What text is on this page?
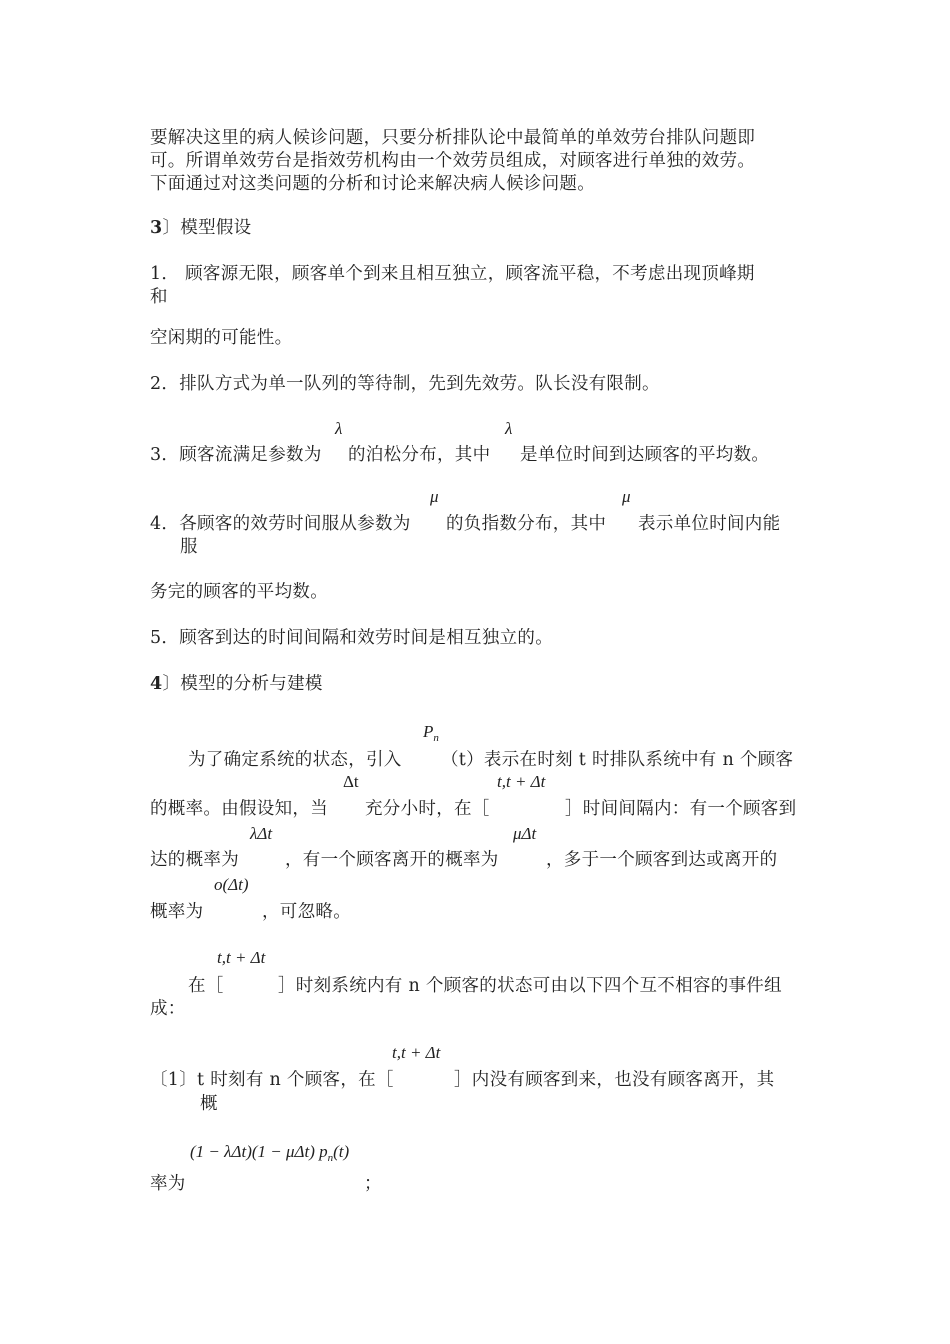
要解决这里的病人候诊问题，只要分析排队论中最简单的单效劳台排队问题即
可。所谓单效劳台是指效劳机构由一个效劳员组成，对顾客进行单独的效劳。
下面通过对这类问题的分析和讨论来解决病人候诊问题。
3〕模型假设
1． 顾客源无限，顾客单个到来且相互独立，顾客流平稳，不考虑出现顶峰期
和
空闲期的可能性。
2．排队方式为单一队列的等待制，先到先效劳。队长没有限制。
λ	λ
3．顾客流满足参数为 的泊松分布，其中 是单位时间到达顾客的平均数。
μ	μ
4．各顾客的效劳时间服从参数为 的负指数分布，其中 表示单位时间内能
服
务完的顾客的平均数。
5．顾客到达的时间间隔和效劳时间是相互独立的。
4〕模型的分析与建模
$P_n$
为了确定系统的状态，引入 （t）表示在时刻 t 时排队系统中有 n 个顾客
Δt	t,t + Δt
的概率。由假设知，当 充分小时，在［	］时间间隔内：有一个顾客到
λΔt	μΔt
达的概率为	，有一个顾客离开的概率为	，多于一个顾客到达或离开的
o(Δt)
概率为	，可忽略。
t,t + Δt
在［	］时刻系统内有 n 个顾客的状态可由以下四个互不相容的事件组
成：
t,t + Δt
〔1〕t 时刻有 n 个顾客，在［	］内没有顾客到来，也没有顾客离开，其
概
(1 − λΔt)(1 − μΔt) $p_n(t)$
率为	；
